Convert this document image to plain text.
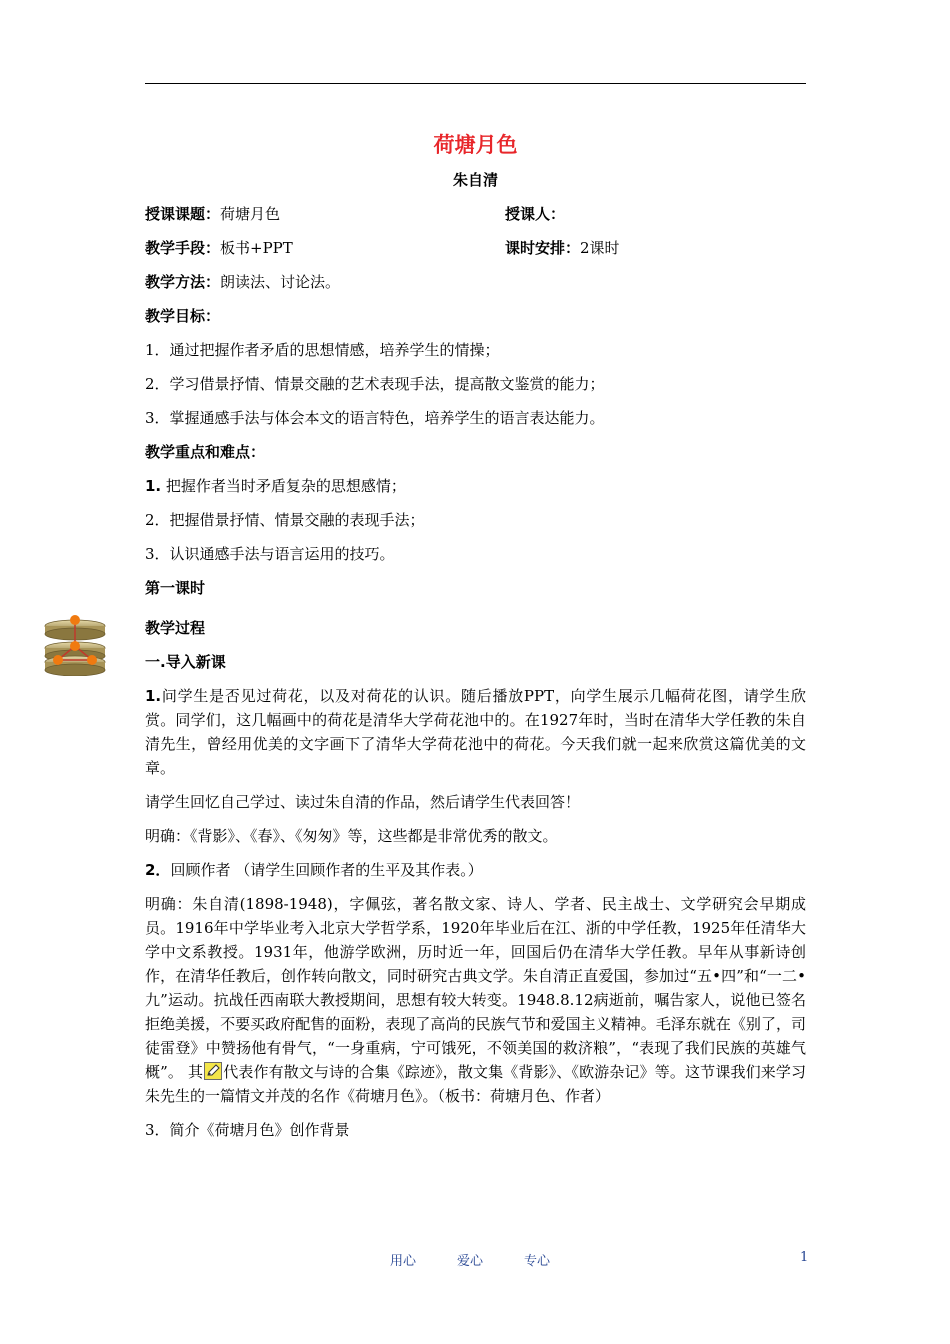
荷塘月色
朱自清
授课课题：荷塘月色	授课人：
教学手段：板书+PPT	课时安排：2课时
教学方法：朗读法、讨论法。
教学目标：
1．通过把握作者矛盾的思想情感，培养学生的情操；
2．学习借景抒情、情景交融的艺术表现手法，提高散文鉴赏的能力；
3．掌握通感手法与体会本文的语言特色，培养学生的语言表达能力。
教学重点和难点：
1. 把握作者当时矛盾复杂的思想感情；
2．把握借景抒情、情景交融的表现手法；
3．认识通感手法与语言运用的技巧。
第一课时
教学过程
一.导入新课
1.问学生是否见过荷花，以及对荷花的认识。随后播放PPT，向学生展示几幅荷花图，请学生欣赏。同学们，这几幅画中的荷花是清华大学荷花池中的。在1927年时，当时在清华大学任教的朱自清先生，曾经用优美的文字画下了清华大学荷花池中的荷花。今天我们就一起来欣赏这篇优美的文章。
请学生回忆自己学过、读过朱自清的作品，然后请学生代表回答！
明确：《背影》、《春》、《匆匆》等，这些都是非常优秀的散文。
2．回顾作者 （请学生回顾作者的生平及其作表。）
明确：朱自清(1898-1948)，字佩弦，著名散文家、诗人、学者、民主战士、文学研究会早期成员。1916年中学毕业考入北京大学哲学系，1920年毕业后在江、浙的中学任教，1925年任清华大学中文系教授。1931年，他游学欧洲，历时近一年，回国后仍在清华大学任教。早年从事新诗创作，在清华任教后，创作转向散文，同时研究古典文学。朱自清正直爱国，参加过“五•四”和“一二•九”运动。抗战任西南联大教授期间，思想有较大转变。1948.8.12病逝前，嘱告家人，说他已签名拒绝美援，不要买政府配售的面粉，表现了高尚的民族气节和爱国主义精神。毛泽东就在《别了，司徒雷登》中赞扬他有骨气，“一身重病，宁可饿死，不领美国的救济粮”，“表现了我们民族的英雄气概”。 其 代表作有散文与诗的合集《踪迹》，散文集《背影》、《欧游杂记》等。这节课我们来学习朱先生的一篇情文并茂的名作《荷塘月色》。（板书：荷塘月色、作者）
3．简介《荷塘月色》创作背景
用心	爱心	专心	1
